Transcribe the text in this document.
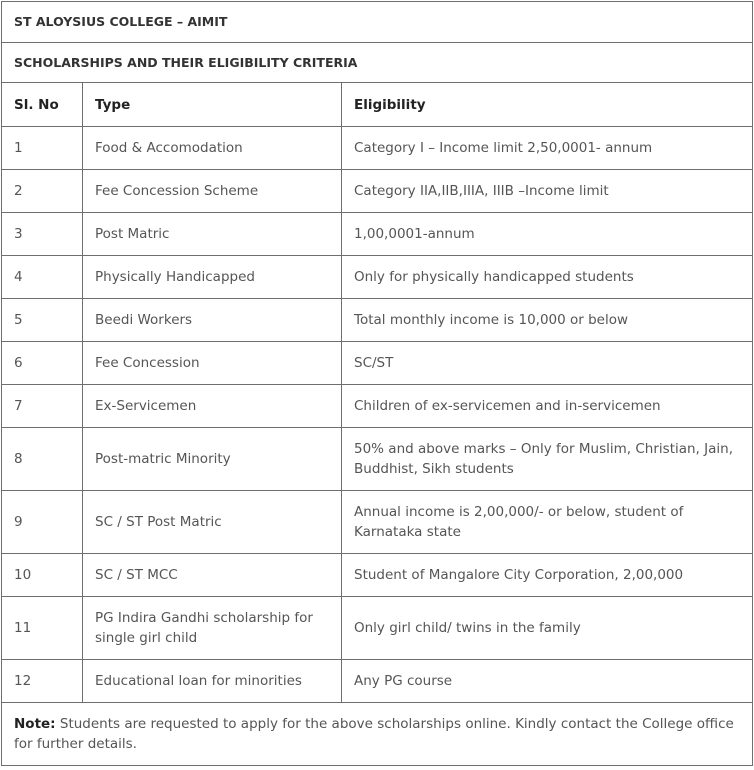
ST ALOYSIUS COLLEGE – AIMIT		
SCHOLARSHIPS AND THEIR ELIGIBILITY CRITERIA		
Sl. No	Type	Eligibility
1	Food & Accomodation	Category I – Income limit 2,50,0001- annum
2	Fee Concession Scheme	Category IIA,IIB,IIIA, IIIB –Income limit
3	Post Matric	1,00,0001-annum
4	Physically Handicapped	Only for physically handicapped students
5	Beedi Workers	Total monthly income is 10,000 or below
6	Fee Concession	SC/ST
7	Ex-Servicemen	Children of ex-servicemen and in-servicemen
8	Post-matric Minority	50% and above marks – Only for Muslim, Christian, Jain, Buddhist, Sikh students
9	SC / ST Post Matric	Annual income is 2,00,000/- or below, student of Karnataka state
10	SC / ST MCC	Student of Mangalore City Corporation, 2,00,000
11	PG Indira Gandhi scholarship for single girl child	Only girl child/ twins in the family
12	Educational loan for minorities	Any PG course
Note: Students are requested to apply for the above scholarships online. Kindly contact the College office for further details.		
